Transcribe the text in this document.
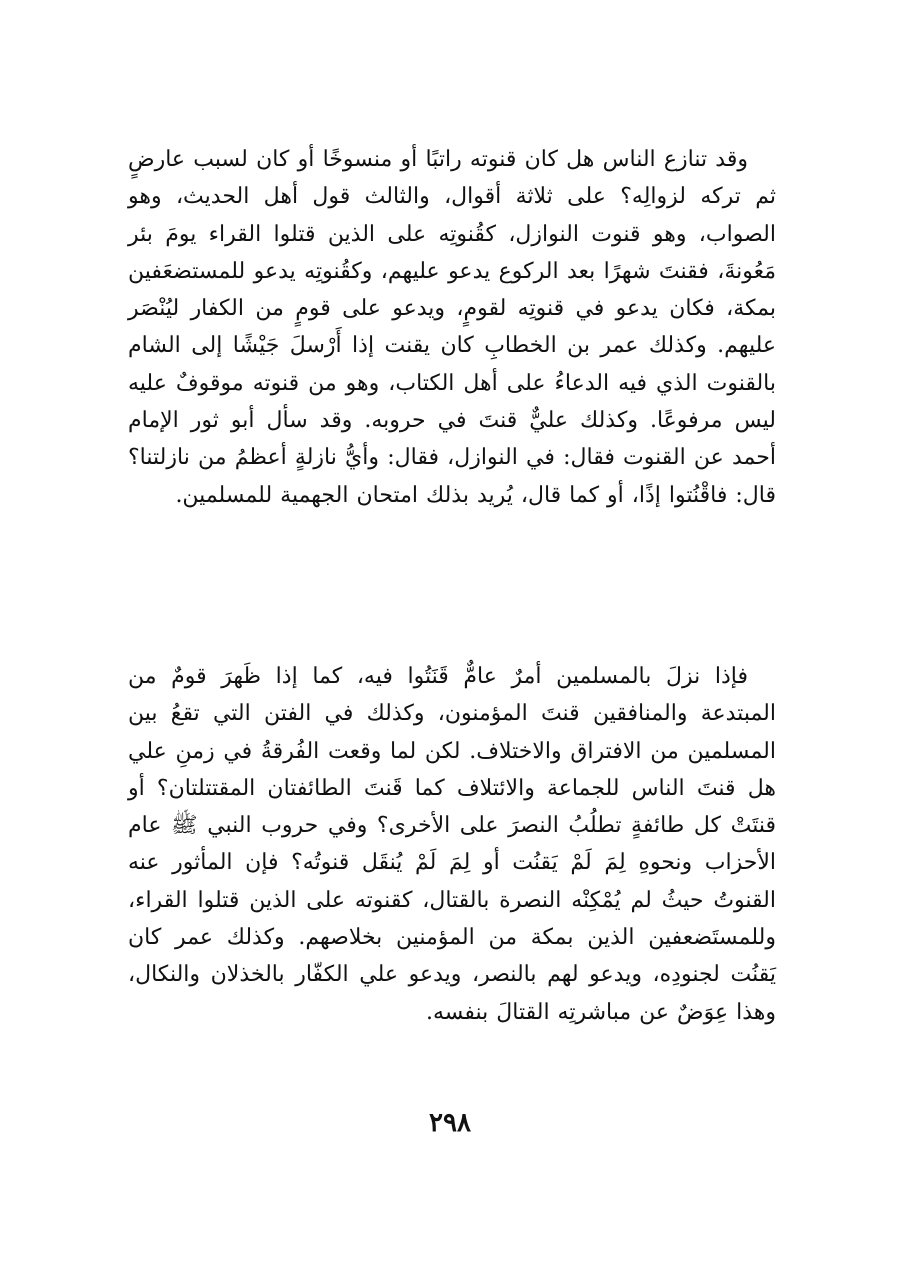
وقد تنازع الناس هل كان قنوته راتبًا أو منسوخًا أو كان لسبب عارضٍ ثم تركه لزوالِه؟ على ثلاثة أقوال، والثالث قول أهل الحديث، وهو الصواب، وهو قنوت النوازل، كقُنوتِه على الذين قتلوا القراء يومَ بئر مَعُونةَ، فقنتَ شهرًا بعد الركوع يدعو عليهم، وكقُنوتِه يدعو للمستضعَفين بمكة، فكان يدعو في قنوتِه لقومٍ، ويدعو على قومٍ من الكفار ليُنْصَر عليهم. وكذلك عمر بن الخطابِ كان يقنت إذا أَرْسلَ جَيْشًا إلى الشام بالقنوت الذي فيه الدعاءُ على أهل الكتاب، وهو من قنوته موقوفٌ عليه ليس مرفوعًا. وكذلك عليٌّ قنتَ في حروبه. وقد سأل أبو ثور الإمام أحمد عن القنوت فقال: في النوازل، فقال: وأيُّ نازلةٍ أعظمُ من نازلتنا؟ قال: فاقْنُتوا إذًا، أو كما قال، يُريد بذلك امتحان الجهمية للمسلمين.

فإذا نزلَ بالمسلمين أمرٌ عامٌّ قَنَتُوا فيه، كما إذا ظَهرَ قومٌ من المبتدعة والمنافقين قنتَ المؤمنون، وكذلك في الفتن التي تقعُ بين المسلمين من الافتراق والاختلاف. لكن لما وقعت الفُرقةُ في زمنِ علي هل قنتَ الناس للجماعة والائتلاف كما قَنتَ الطائفتان المقتتلتان؟ أو قنتَتْ كل طائفةٍ تطلُبُ النصرَ على الأخرى؟ وفي حروب النبي ﷺ عام الأحزاب ونحوهِ لِمَ لَمْ يَقنُت أو لِمَ لَمْ يُنقَل قنوتُه؟ فإن المأثور عنه القنوتُ حيثُ لم يُمْكِنْه النصرة بالقتال، كقنوته على الذين قتلوا القراء، وللمستَضعفين الذين بمكة من المؤمنين بخلاصهم. وكذلك عمر كان يَقنُت لجنودِه، ويدعو لهم بالنصر، ويدعو علي الكفّار بالخذلان والنكال، وهذا عِوَضٌ عن مباشرتِه القتالَ بنفسه.

٢٩٨
